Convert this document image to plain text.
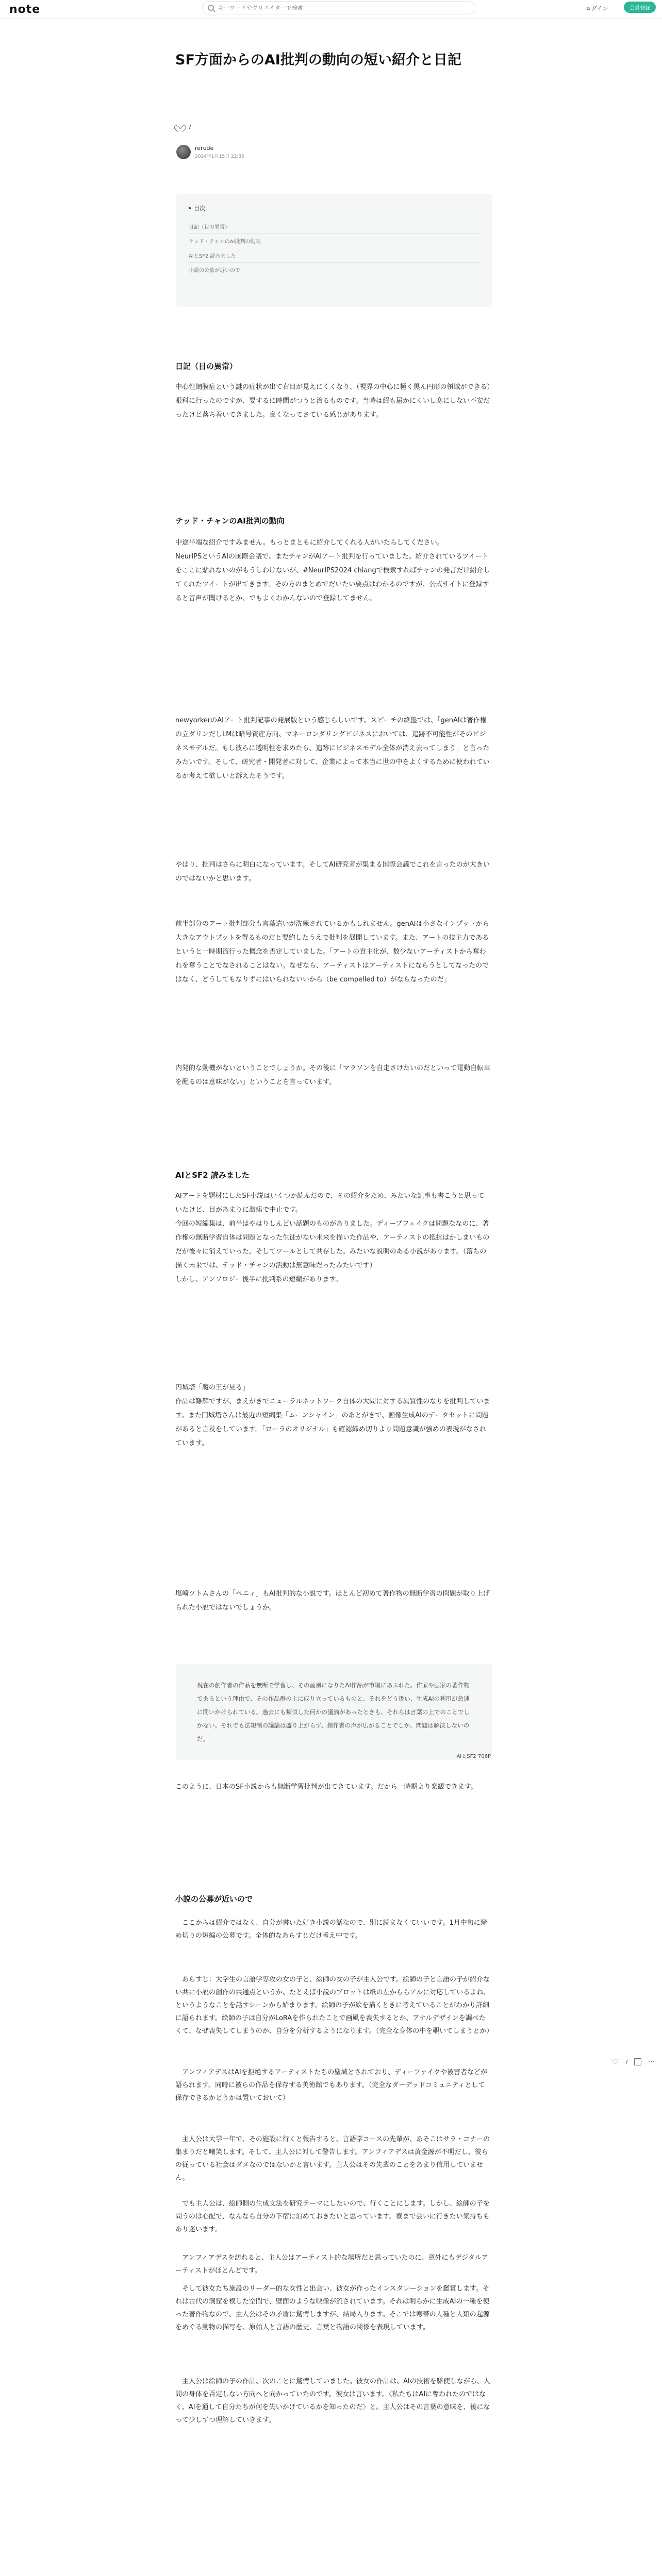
note
キーワードやクリエイターで検索	ログイン	会員登録
SF方面からのAI批判の動向の短い紹介と日記
7
rerude
2024年1月15日 22:36
目次
日記（目の異常）
テッド・チャンのAI批判の動向
AIとSF2 読みました
小説の公募が近いので
日記（目の異常）

中心性網膜症という謎の症状が出て右目が見えにくくなり、（視界の中心に極く黒ん円形の領域ができる）眼科に行ったのですが、要するに時間がつうと治るものです。当時は紹も届かにくいし寒にしない不安だったけど落ち着いてきました。良くなってさている感じがあります。

テッド・チャンのAI批判の動向

中途半端な紹介ですみません。もっとまともに紹介してくれる人がいたらしてください。
NeurIPSというAIの国際会議で、またチャンがAIアート批判を行っていました。紹介されているツイートをここに貼れないのがもうしわけないが、#NeurIPS2024 chiangで検索すればチャンの発言だけ紹介してくれたツイートが出てきます。その方のまとめでだいたい要点はわかるのですが、公式サイトに登録すると音声が聞けるとか、でもよくわかんないので登録してません。

newyorkerのAIアート批判記事の発展版という感じらしいです。スピーチの終盤では、「genAIは著作権の立ダリンだしLMは暗号資産方向、マネーロンダリングビジネスにおいては、追跡不可能性がそのビジネスモデルだ。もし彼らに透明性を求めたら、追跡にビジネスモデル全体が消え去ってしまう」と言ったみたいです。そして、研究者・開発者に対して、企業によって本当に世の中をよくするために使われているか考えて欲しいと訴えたそうです。

やはり、批判はさらに明白になっています。そしてAI研究者が集まる国際会議でこれを言ったのが大きいのではないかと思います。

前半部分のアート批判部分も言葉遣いが洗練されているかもしれません。genAIは小さなインプットから大きなアウトプットを得るものだと要約したうえで批判を展開しています。また、アートの技主力であるというと一時期流行った概念を否定していました。「アートの貢主化が、数少ないアーティストから奪われを奪うことでなされることはない。なぜなら、アーティストはアーティストにならうとしてなったのではなく、どうしてもなりずにはいられないいから（be compelled to）がならなったのだ」

内発的な動機がないということでしょうか。その後に「マラソンを自走さけたいのだといって電動自転車を配るのは意味がない」ということを言っています。

AIとSF2 読みました

AIアートを題材にしたSF小説はいくつか読んだので、その紹介をため、みたいな記事も書こうと思っていたけど、目があまりに激痛で中止です。
今回の短編集は、前半はやはりしんどい話題のものがありました。ディープフェイクは問題ななのに、著作権の無断学習自体は問題となった生徒がない未来を描いた作品や、アーティストの抵抗はかしまいものだが後々に消えていった。そしてツールとして共存した。みたいな説明のある小説があります。（落ちの描く未来では、テッド・チャンの活動は無意味だったみたいです）
しかし、アンソロジー後半に批判系の短編があります。

円城塔「魔の王が見る」
作品は難解ですが、まえがきでニューラルネットワーク自体の大問に対する異質性のなりを批判しています。また円城塔さんは最近の短編集「ムーンシャイン」のあとがきで、画像生成AIのデータセットに問題があると言及をしています。「ローラのオリジナル」も確認締め切りより問題意識が強めの表現がなされています。

塩崎ツトムさんの「ペニィ」もAI批判的な小説です。ほとんど初めて著作物の無断学習の問題が取り上げられた小説ではないでしょうか。

現在の創作者の作品を無断で学習し、その画風になりたAI作品が市場にあふれた。作家や画家の著作物であるという理由で、その作品群の上に成り立っているものと、それをどう扱い、生成AIの利用が急速に問いかけられている。過去にも類似した何かの議論があったときも、それらは言葉の上でのことでしかない。それでも法規制の議論は盛り上がらず、創作者の声が広がることでしか、問題は解決しないのだ。

AIとSF2 706P

このように、日本のSF小説からも無断学習批判が出てきています。だから一時期より楽観できます。

小説の公募が近いので

　ここからは紹介ではなく、自分が書いた好き小説の話なので、別に読まなくていいです。1月中旬に締め切りの短編の公募です。全体的なあらすじだけ考え中です。

　あらすじ：大学生の言語学専攻の女の子と、絵師の女の子が主人公です。絵師の子と言語の子が紹介ない共に小説の創作の共通点というか、たとえば小説のプロットは紙の左かららアルに対応しているよね、というようなことを話すシーンから始まります。絵師の子が絵を描くときに考えていることがわかり詳細に語られます。絵師の子は自分がLoRAを作られたことで画風を喪失するとか、アナルデザインを調べたくて、なぜ喪失してしまうのか、自分を分析するようになります。（完全な身体の中を覗いてしまうとか）

　アンフィアデスはAIを拒絶するアーティストたちの聖域とされており、ディーファイクや被害者などが語られます。同時に被らの作品を保存する美術館でもあります。（完全なダーデッドコミュニティとして保存できるかどうかは置いておいて）

　主人公は大学一年で、その施設に行くと報告すると、言語学コースの先輩が、あそこはサラ・コナーの集まりだと嘲笑します。そして、主人公に対して警告します。アンフィアデスは黄金源が不明だし、彼らの従っている社会はダメなのではないかと言います。主人公はその先輩のことをあまり信用していません。

　でも主人公は、絵師側の生成文法を研究テーマにしたいので、行くことにします。しかし、絵師の子を問うのは心配で、なんなら自分の下宿に泊めておきたいと思っています。寮まで会いに行きたい気持ちもあり迷います。

　アンフィアデスを訪れると、主人公はアーティスト的な場所だと思っていたのに、意外にもデジタルアーティストがほとんどです。

　そして彼女たち施設のリーダー的な女性と出会い、彼女が作ったインスタレーションを鑑賞します。それは古代の洞窟を模した空間で、壁面のような映像が流されています。それは明らかに生成AIの一種を使った著作物なので、主人公はその矛盾に驚愕しますが、結局入ります。そこでは寒帯の人種と人類の起源をめぐる動物の描写を、原始人と言語の歴史、言葉と物語の関係を表現しています。

　主人公は絵師の子の作品、次のことに驚愕していました。彼女の作品は、AIの技術を駆使しながら、人間の身体を否定しない方向へと向かっていたのです。彼女は言います。〈私たちはAIに奪われたのではなく、AIを通して自分たちが何を失いかけているかを知ったのだ〉と。主人公はその言葉の意味を、後になって少しずつ理解していきます。

♡ 7	⋯
